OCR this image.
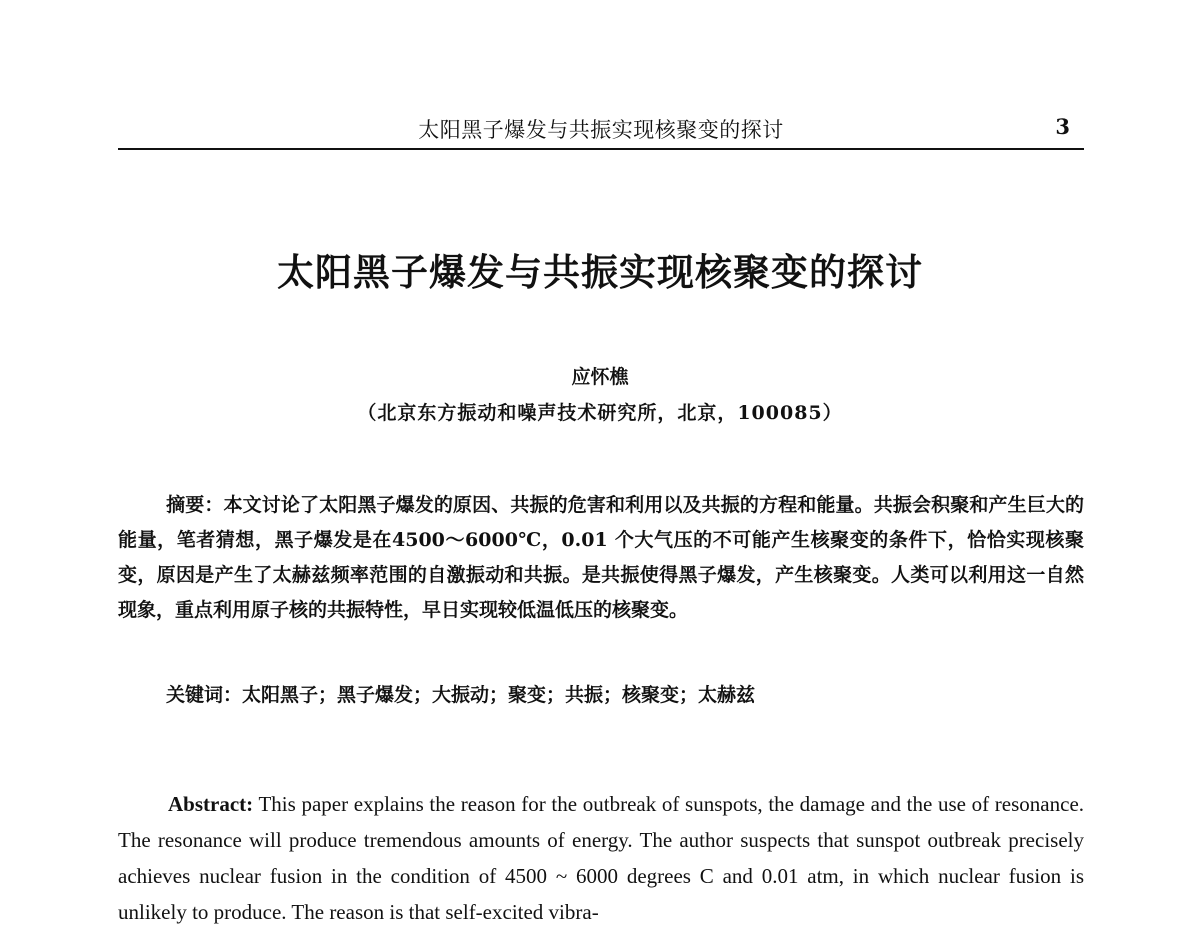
太阳黑子爆发与共振实现核聚变的探讨	3
太阳黑子爆发与共振实现核聚变的探讨
应怀樵
（北京东方振动和噪声技术研究所，北京，100085）
摘要：本文讨论了太阳黑子爆发的原因、共振的危害和利用以及共振的方程和能量。共振会积聚和产生巨大的能量，笔者猜想，黑子爆发是在4500～6000℃，0.01 个大气压的不可能产生核聚变的条件下，恰恰实现核聚变，原因是产生了太赫兹频率范围的自激振动和共振。是共振使得黑子爆发，产生核聚变。人类可以利用这一自然现象，重点利用原子核的共振特性，早日实现较低温低压的核聚变。
关键词：太阳黑子；黑子爆发；大振动；聚变；共振；核聚变；太赫兹
Abstract: This paper explains the reason for the outbreak of sunspots, the damage and the use of resonance. The resonance will produce tremendous amounts of energy. The author suspects that sunspot outbreak precisely achieves nuclear fusion in the condition of 4500 ~ 6000 degrees C and 0.01 atm, in which nuclear fusion is unlikely to produce. The reason is that self-excited vibra-
